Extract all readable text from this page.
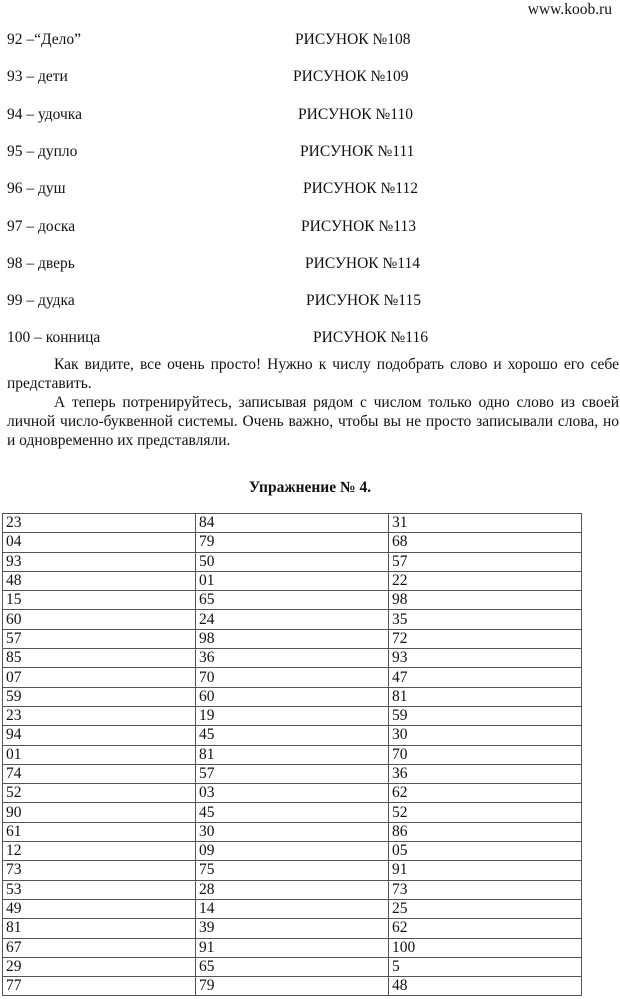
www.koob.ru
92 –“Дело”	РИСУНОК №108
93 – дети	РИСУНОК №109
94 – удочка	РИСУНОК №110
95 – дупло	РИСУНОК №111
96 – душ	РИСУНОК №112
97 – доска	РИСУНОК №113
98 – дверь	РИСУНОК №114
99 – дудка	РИСУНОК №115
100 – конница	РИСУНОК №116

Как видите, все очень просто! Нужно к числу подобрать слово и хорошо его себе представить.

А теперь потренируйтесь, записывая рядом с числом только одно слово из своей личной число-буквенной системы. Очень важно, чтобы вы не просто записывали слова, но и одновременно их представляли.

Упражнение № 4.
23	84	31
04	79	68
93	50	57
48	01	22
15	65	98
60	24	35
57	98	72
85	36	93
07	70	47
59	60	81
23	19	59
94	45	30
01	81	70
74	57	36
52	03	62
90	45	52
61	30	86
12	09	05
73	75	91
53	28	73
49	14	25
81	39	62
67	91	100
29	65	5
77	79	48
